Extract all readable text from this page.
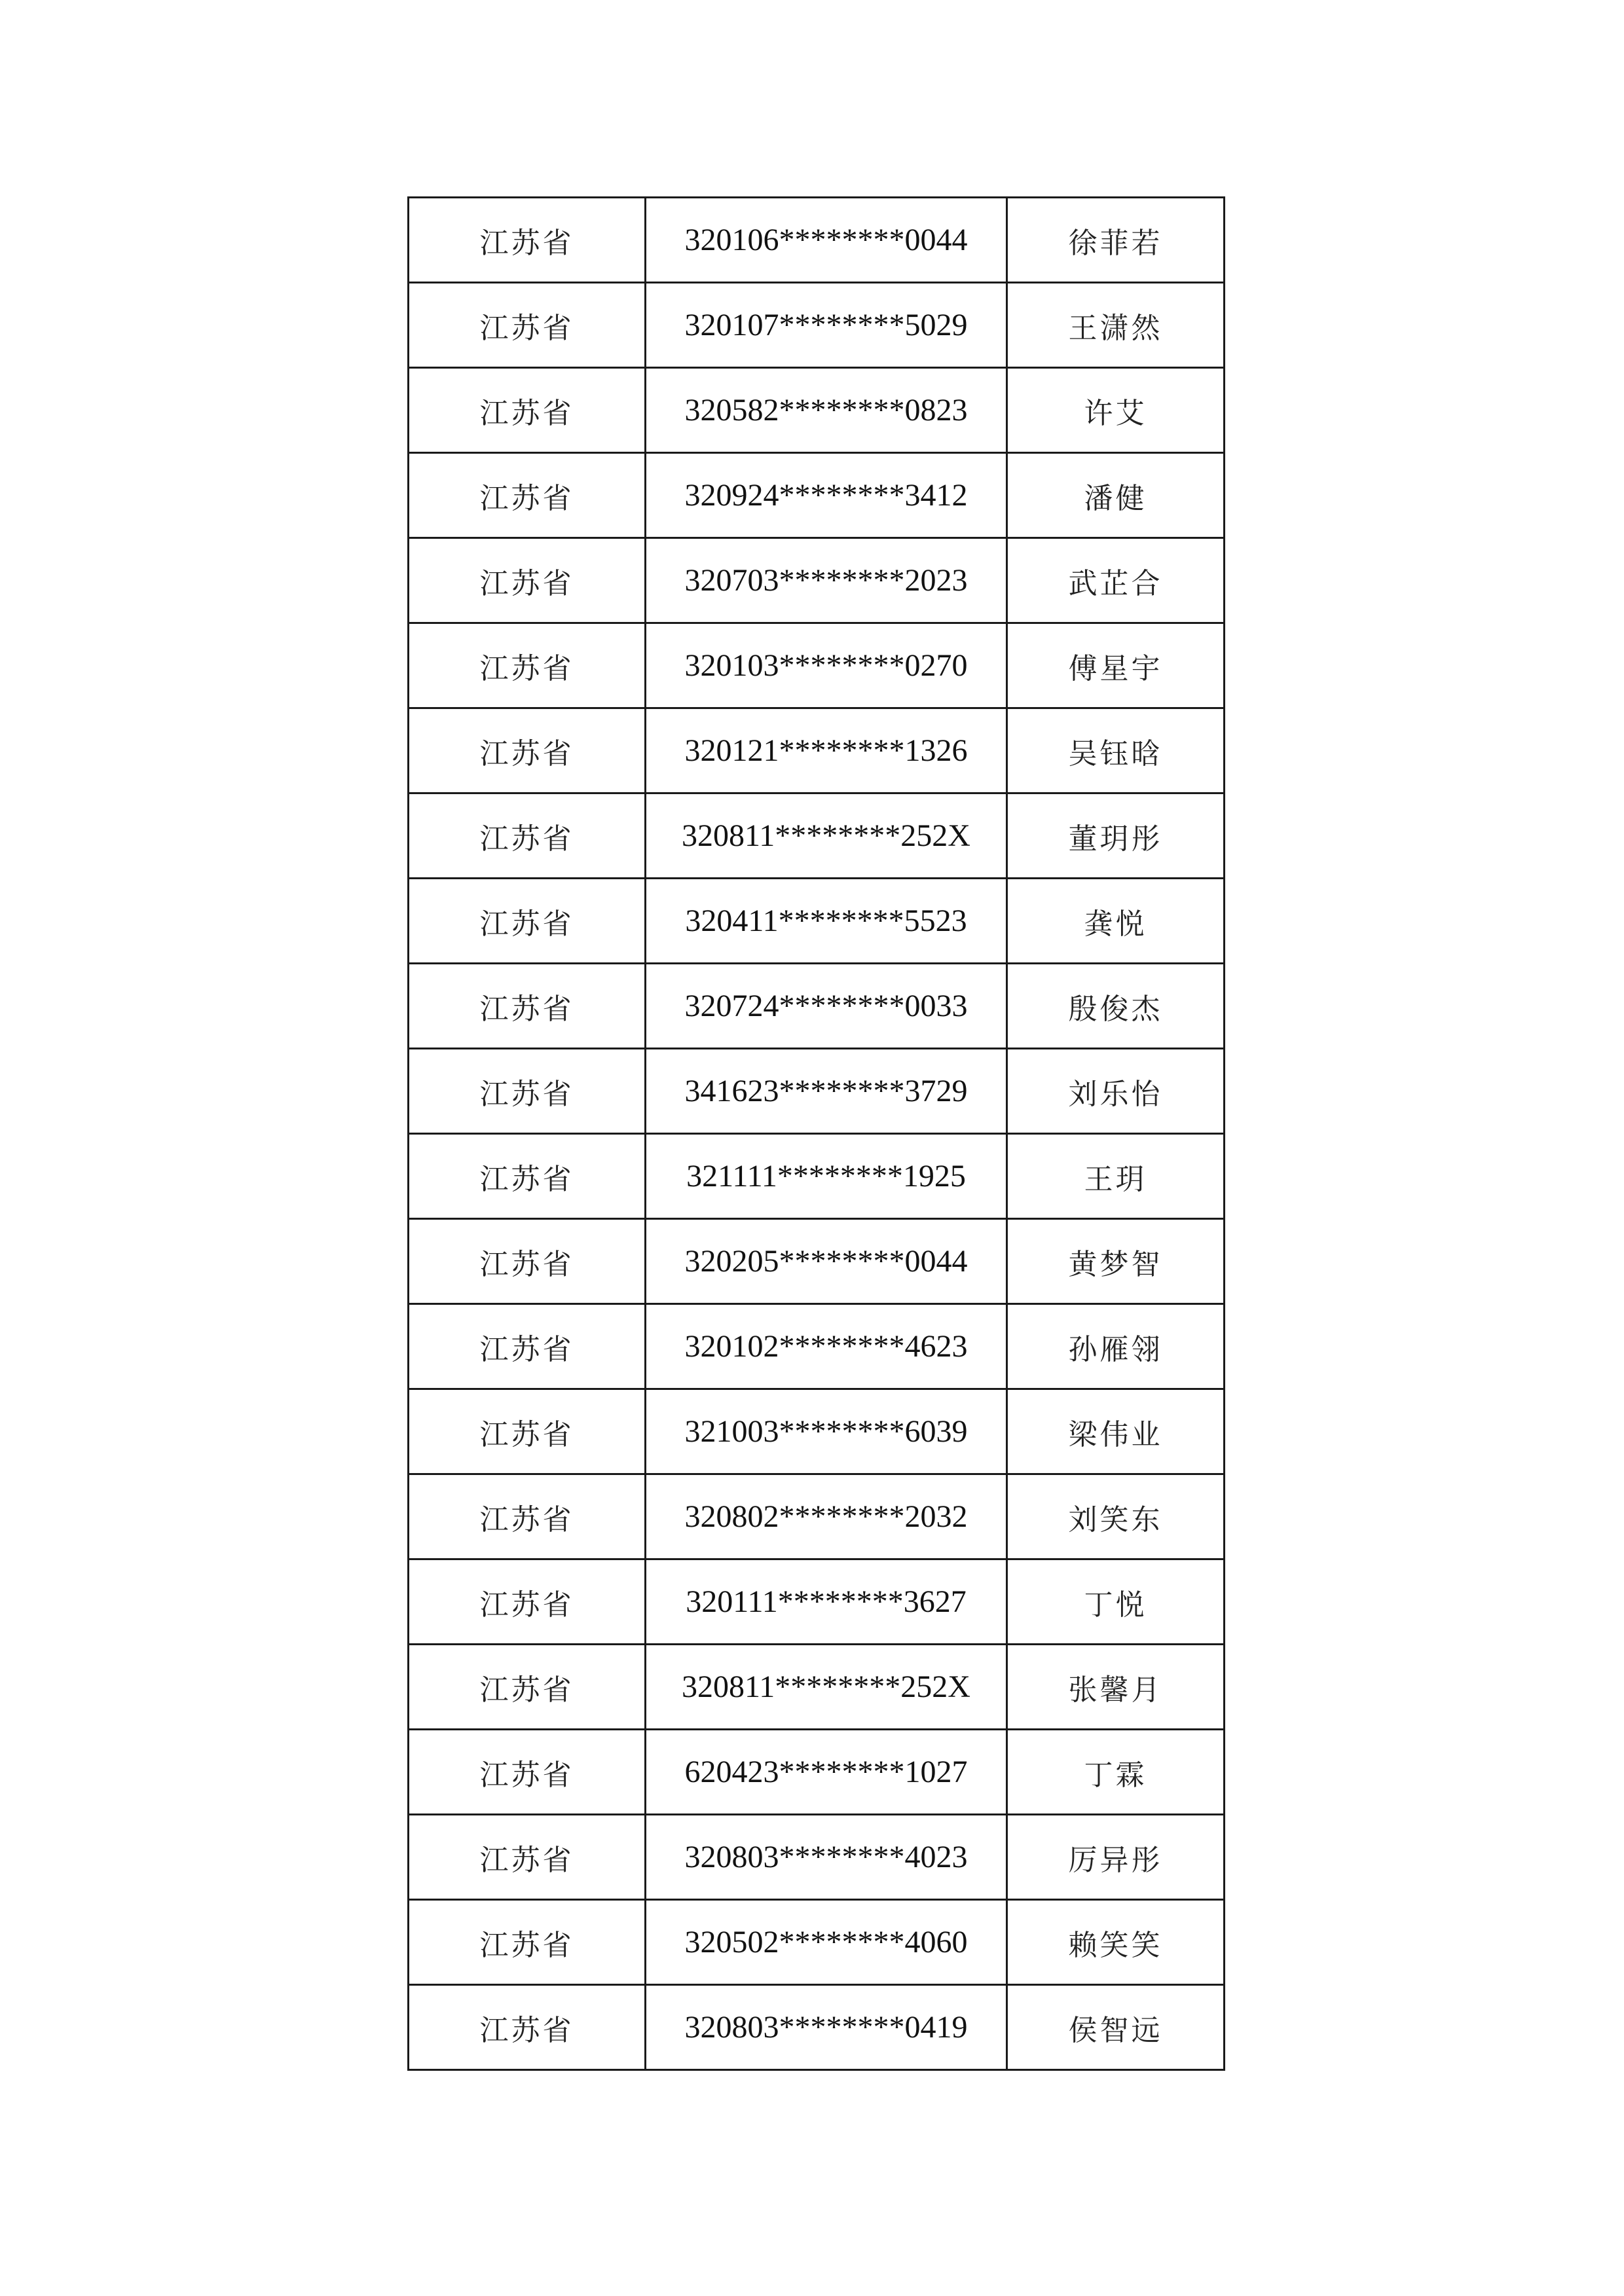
江苏省	320106********0044	徐菲若
江苏省	320107********5029	王潇然
江苏省	320582********0823	许艾
江苏省	320924********3412	潘健
江苏省	320703********2023	武芷合
江苏省	320103********0270	傅星宇
江苏省	320121********1326	吴钰晗
江苏省	320811********252X	董玥彤
江苏省	320411********5523	龚悦
江苏省	320724********0033	殷俊杰
江苏省	341623********3729	刘乐怡
江苏省	321111********1925	王玥
江苏省	320205********0044	黄梦智
江苏省	320102********4623	孙雁翎
江苏省	321003********6039	梁伟业
江苏省	320802********2032	刘笑东
江苏省	320111********3627	丁悦
江苏省	320811********252X	张馨月
江苏省	620423********1027	丁霖
江苏省	320803********4023	厉异彤
江苏省	320502********4060	赖笑笑
江苏省	320803********0419	侯智远
